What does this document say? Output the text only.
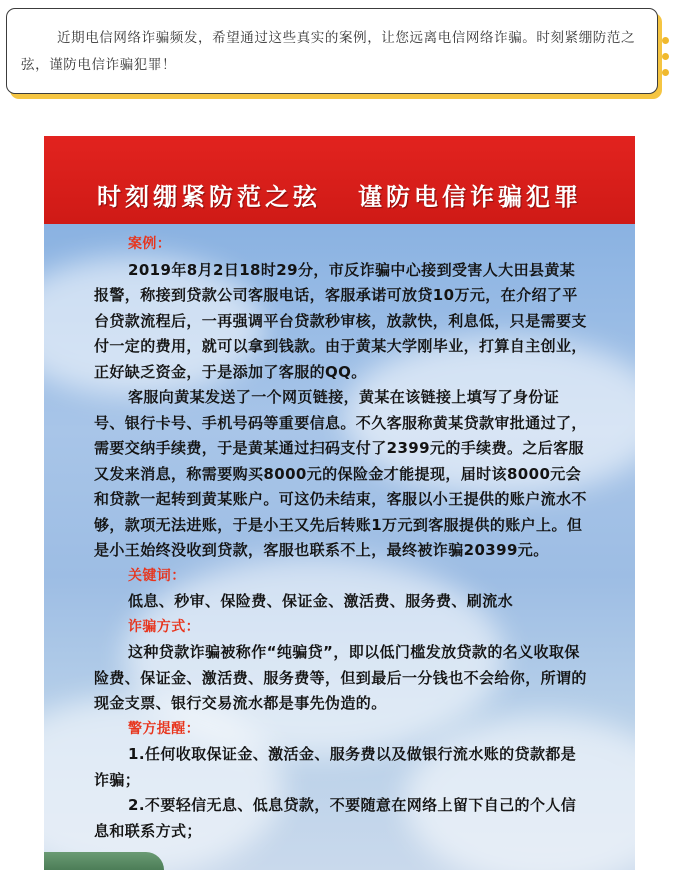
近期电信网络诈骗频发，希望通过这些真实的案例，让您远离电信网络诈骗。时刻紧绷防范之弦，谨防电信诈骗犯罪！

时刻绷紧防范之弦   谨防电信诈骗犯罪
案例：

2019年8月2日18时29分，市反诈骗中心接到受害人大田县黄某报警，称接到贷款公司客服电话，客服承诺可放贷10万元，在介绍了平台贷款流程后，一再强调平台贷款秒审核，放款快，利息低，只是需要支付一定的费用，就可以拿到钱款。由于黄某大学刚毕业，打算自主创业，正好缺乏资金，于是添加了客服的QQ。

客服向黄某发送了一个网页链接，黄某在该链接上填写了身份证号、银行卡号、手机号码等重要信息。不久客服称黄某贷款审批通过了，需要交纳手续费，于是黄某通过扫码支付了2399元的手续费。之后客服又发来消息，称需要购买8000元的保险金才能提现，届时该8000元会和贷款一起转到黄某账户。可这仍未结束，客服以小王提供的账户流水不够，款项无法进账，于是小王又先后转账1万元到客服提供的账户上。但是小王始终没收到贷款，客服也联系不上，最终被诈骗20399元。

关键词：

低息、秒审、保险费、保证金、激活费、服务费、刷流水

诈骗方式：

这种贷款诈骗被称作“纯骗贷”，即以低门槛发放贷款的名义收取保险费、保证金、激活费、服务费等，但到最后一分钱也不会给你，所谓的现金支票、银行交易流水都是事先伪造的。

警方提醒：

1.任何收取保证金、激活金、服务费以及做银行流水账的贷款都是诈骗；

2.不要轻信无息、低息贷款，不要随意在网络上留下自己的个人信息和联系方式；
